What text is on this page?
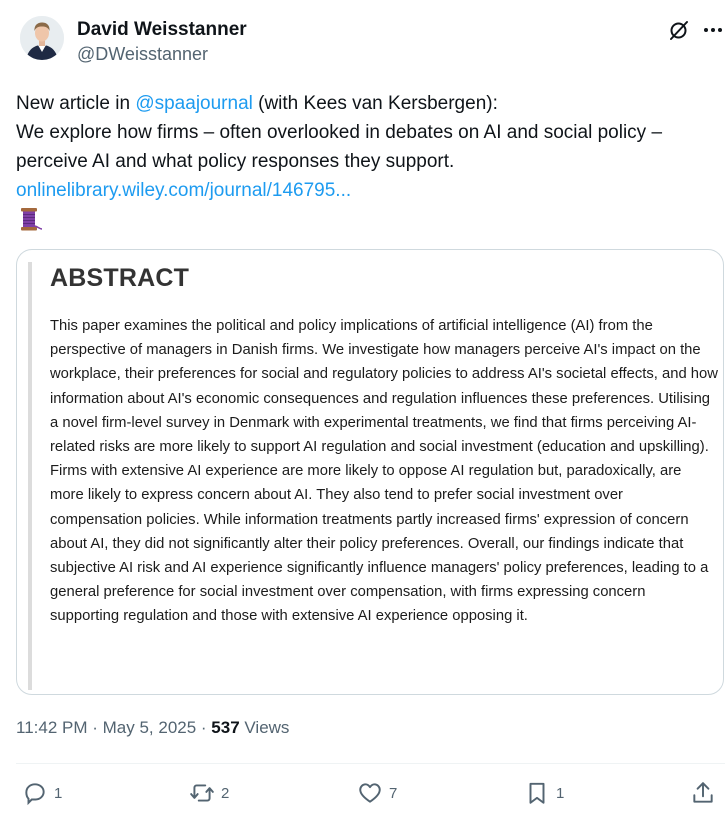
David Weisstanner
@DWeisstanner

New article in @spaajournal (with Kees van Kersbergen):

We explore how firms – often overlooked in debates on AI and social policy – perceive AI and what policy responses they support.

onlinelibrary.wiley.com/journal/146795...

ABSTRACT
This paper examines the political and policy implications of artificial intelligence (AI) from the perspective of managers in Danish firms. We investigate how managers perceive AI's impact on the workplace, their preferences for social and regulatory policies to address AI's societal effects, and how information about AI's economic consequences and regulation influences these preferences. Utilising a novel firm-level survey in Denmark with experimental treatments, we find that firms perceiving AI-related risks are more likely to support AI regulation and social investment (education and upskilling). Firms with extensive AI experience are more likely to oppose AI regulation but, paradoxically, are more likely to express concern about AI. They also tend to prefer social investment over compensation policies. While information treatments partly increased firms' expression of concern about AI, they did not significantly alter their policy preferences. Overall, our findings indicate that subjective AI risk and AI experience significantly influence managers' policy preferences, leading to a general preference for social investment over compensation, with firms expressing concern supporting regulation and those with extensive AI experience opposing it.
11:42 PM · May 5, 2025 · 537 Views
1	2	7	1
